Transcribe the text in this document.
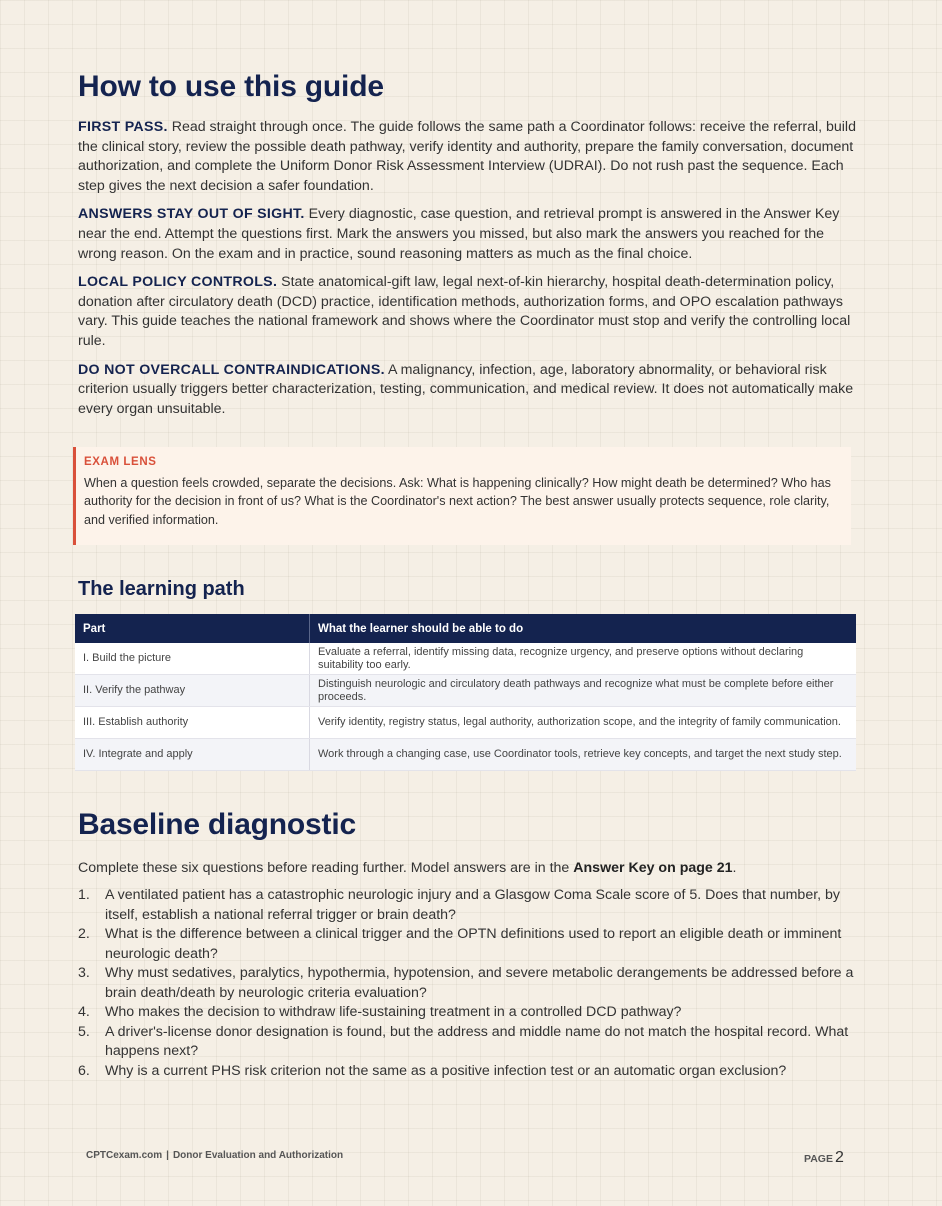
How to use this guide

FIRST PASS. Read straight through once. The guide follows the same path a Coordinator follows: receive the referral, build the clinical story, review the possible death pathway, verify identity and authority, prepare the family conversation, document authorization, and complete the Uniform Donor Risk Assessment Interview (UDRAI). Do not rush past the sequence. Each step gives the next decision a safer foundation.

ANSWERS STAY OUT OF SIGHT. Every diagnostic, case question, and retrieval prompt is answered in the Answer Key near the end. Attempt the questions first. Mark the answers you missed, but also mark the answers you reached for the wrong reason. On the exam and in practice, sound reasoning matters as much as the final choice.

LOCAL POLICY CONTROLS. State anatomical-gift law, legal next-of-kin hierarchy, hospital death-determination policy, donation after circulatory death (DCD) practice, identification methods, authorization forms, and OPO escalation pathways vary. This guide teaches the national framework and shows where the Coordinator must stop and verify the controlling local rule.

DO NOT OVERCALL CONTRAINDICATIONS. A malignancy, infection, age, laboratory abnormality, or behavioral risk criterion usually triggers better characterization, testing, communication, and medical review. It does not automatically make every organ unsuitable.

EXAM LENS
When a question feels crowded, separate the decisions. Ask: What is happening clinically? How might death be determined? Who has authority for the decision in front of us? What is the Coordinator's next action? The best answer usually protects sequence, role clarity, and verified information.
The learning path
Part	What the learner should be able to do
I. Build the picture	Evaluate a referral, identify missing data, recognize urgency, and preserve options without declaring suitability too early.
II. Verify the pathway	Distinguish neurologic and circulatory death pathways and recognize what must be complete before either proceeds.
III. Establish authority	Verify identity, registry status, legal authority, authorization scope, and the integrity of family communication.
IV. Integrate and apply	Work through a changing case, use Coordinator tools, retrieve key concepts, and target the next study step.
Baseline diagnostic
Complete these six questions before reading further. Model answers are in the Answer Key on page 21.
1. A ventilated patient has a catastrophic neurologic injury and a Glasgow Coma Scale score of 5. Does that number, by itself, establish a national referral trigger or brain death?
2. What is the difference between a clinical trigger and the OPTN definitions used to report an eligible death or imminent neurologic death?
3. Why must sedatives, paralytics, hypothermia, hypotension, and severe metabolic derangements be addressed before a brain death/death by neurologic criteria evaluation?
4. Who makes the decision to withdraw life-sustaining treatment in a controlled DCD pathway?
5. A driver's-license donor designation is found, but the address and middle name do not match the hospital record. What happens next?
6. Why is a current PHS risk criterion not the same as a positive infection test or an automatic organ exclusion?
CPTCexam.com | Donor Evaluation and Authorization	PAGE 2
